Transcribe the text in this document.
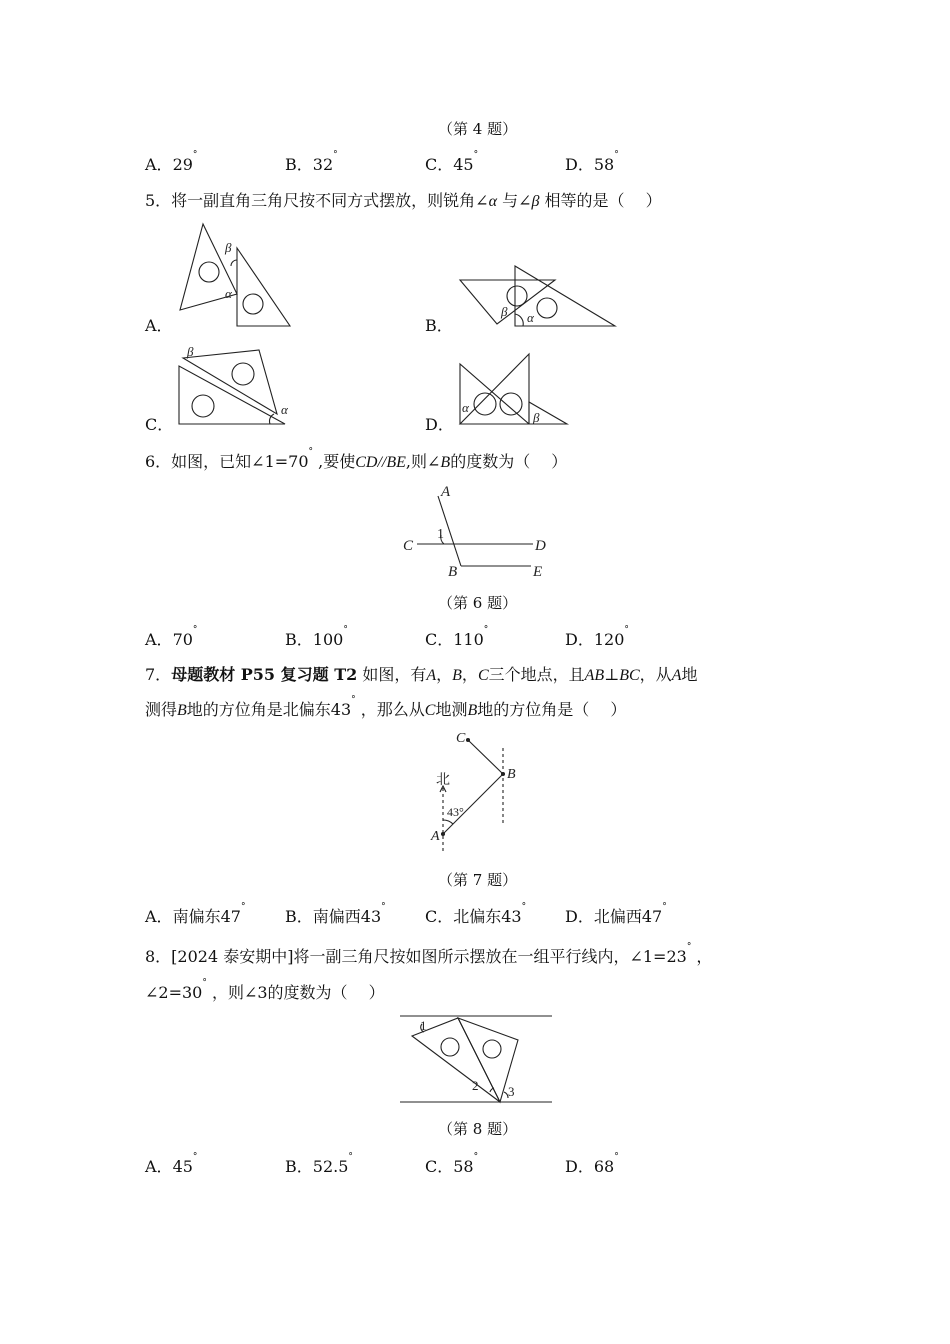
（第 4 题）
A．29°	B．32°	C．45°	D．58°
5．将一副直角三角尺按不同方式摆放，则锐角∠α 与∠β 相等的是（　 ）
β
α
A．
β α
B．
β
α
C．
α
β
D．
6．如图，已知∠1=70° ,要使CD//BE,则∠B的度数为（　 ）
A
C	D
B	E
1
（第 6 题）
A．70°	B．100°	C．110°	D．120°
7．母题教材 P55 复习题 T2 如图，有A，B，C三个地点，且AB⊥BC，从A地
测得B地的方位角是北偏东43° ，那么从C地测B地的方位角是（　 ）
C
B
A
北
43°
（第 7 题）
A．南偏东47° B．南偏西43° C．北偏东43° D．北偏西47°
8．[2024 泰安期中]将一副三角尺按如图所示摆放在一组平行线内，∠1=23° ，
∠2=30° ，则∠3的度数为（　 ）
1
2 3
（第 8 题）
A．45°	B．52.5°	C．58°	D．68°
